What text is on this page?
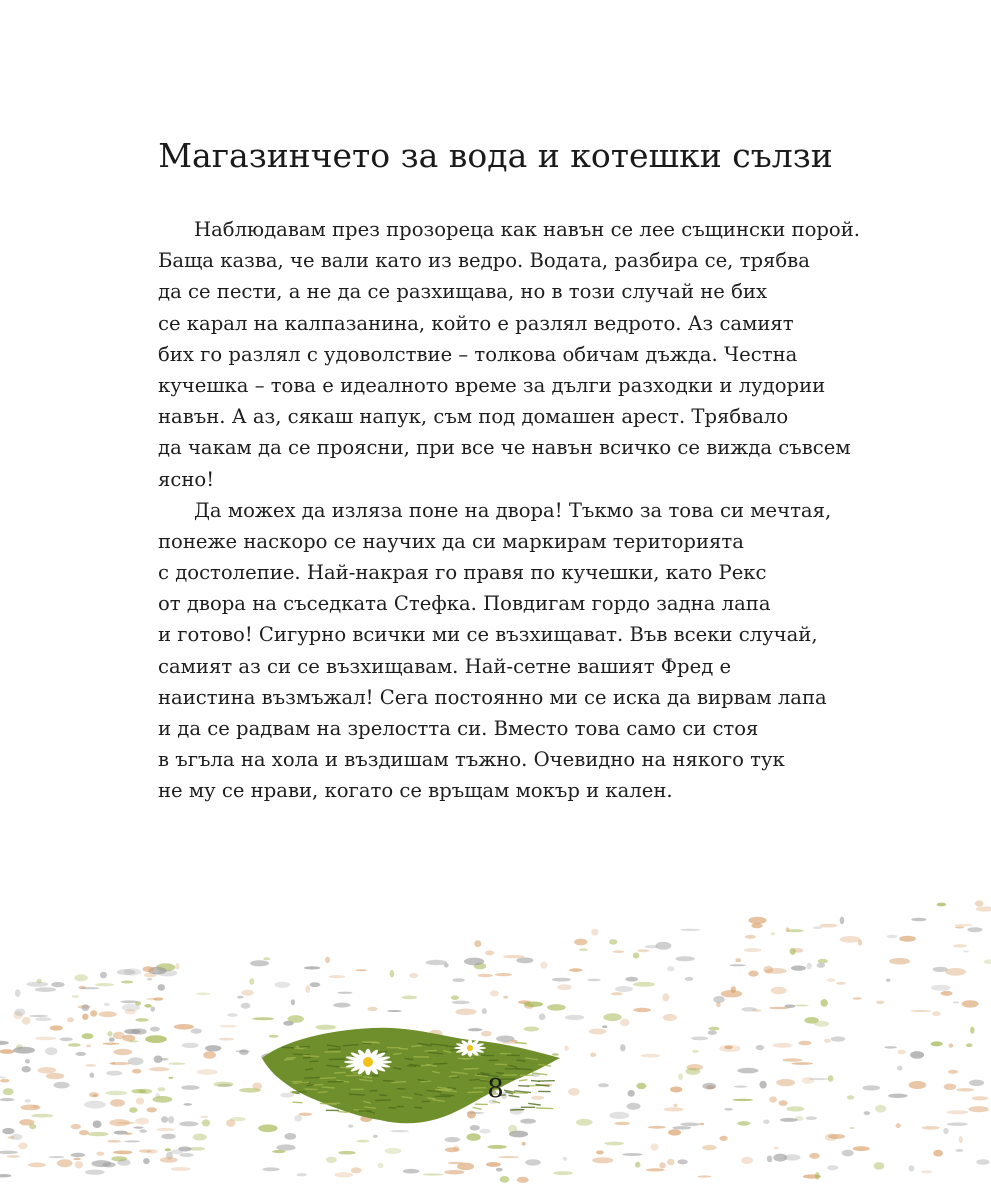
Магазинчето за вода и котешки сълзи
Наблюдавам през прозореца как навън се лее същински порой.
Баща казва, че вали като из ведро. Водата, разбира се, трябва
да се пести, а не да се разхищава, но в този случай не бих
се карал на калпазанина, който е разлял ведрото. Аз самият
бих го разлял с удоволствие – толкова обичам дъжда. Честна
кучешка – това е идеалното време за дълги разходки и лудории
навън. А аз, сякаш напук, съм под домашен арест. Трябвало
да чакам да се проясни, при все че навън всичко се вижда съвсем
ясно!
Да можех да изляза поне на двора! Тъкмо за това си мечтая,
понеже наскоро се научих да си маркирам територията
с достолепие. Най-накрая го правя по кучешки, като Рекс
от двора на съседката Стефка. Повдигам гордо задна лапа
и готово! Сигурно всички ми се възхищават. Във всеки случай,
самият аз си се възхищавам. Най-сетне вашият Фред е
наистина възмъжал! Сега постоянно ми се иска да вирвам лапа
и да се радвам на зрелостта си. Вместо това само си стоя
в ъгъла на хола и въздишам тъжно. Очевидно на някого тук
не му се нрави, когато се връщам мокър и кален.
8
